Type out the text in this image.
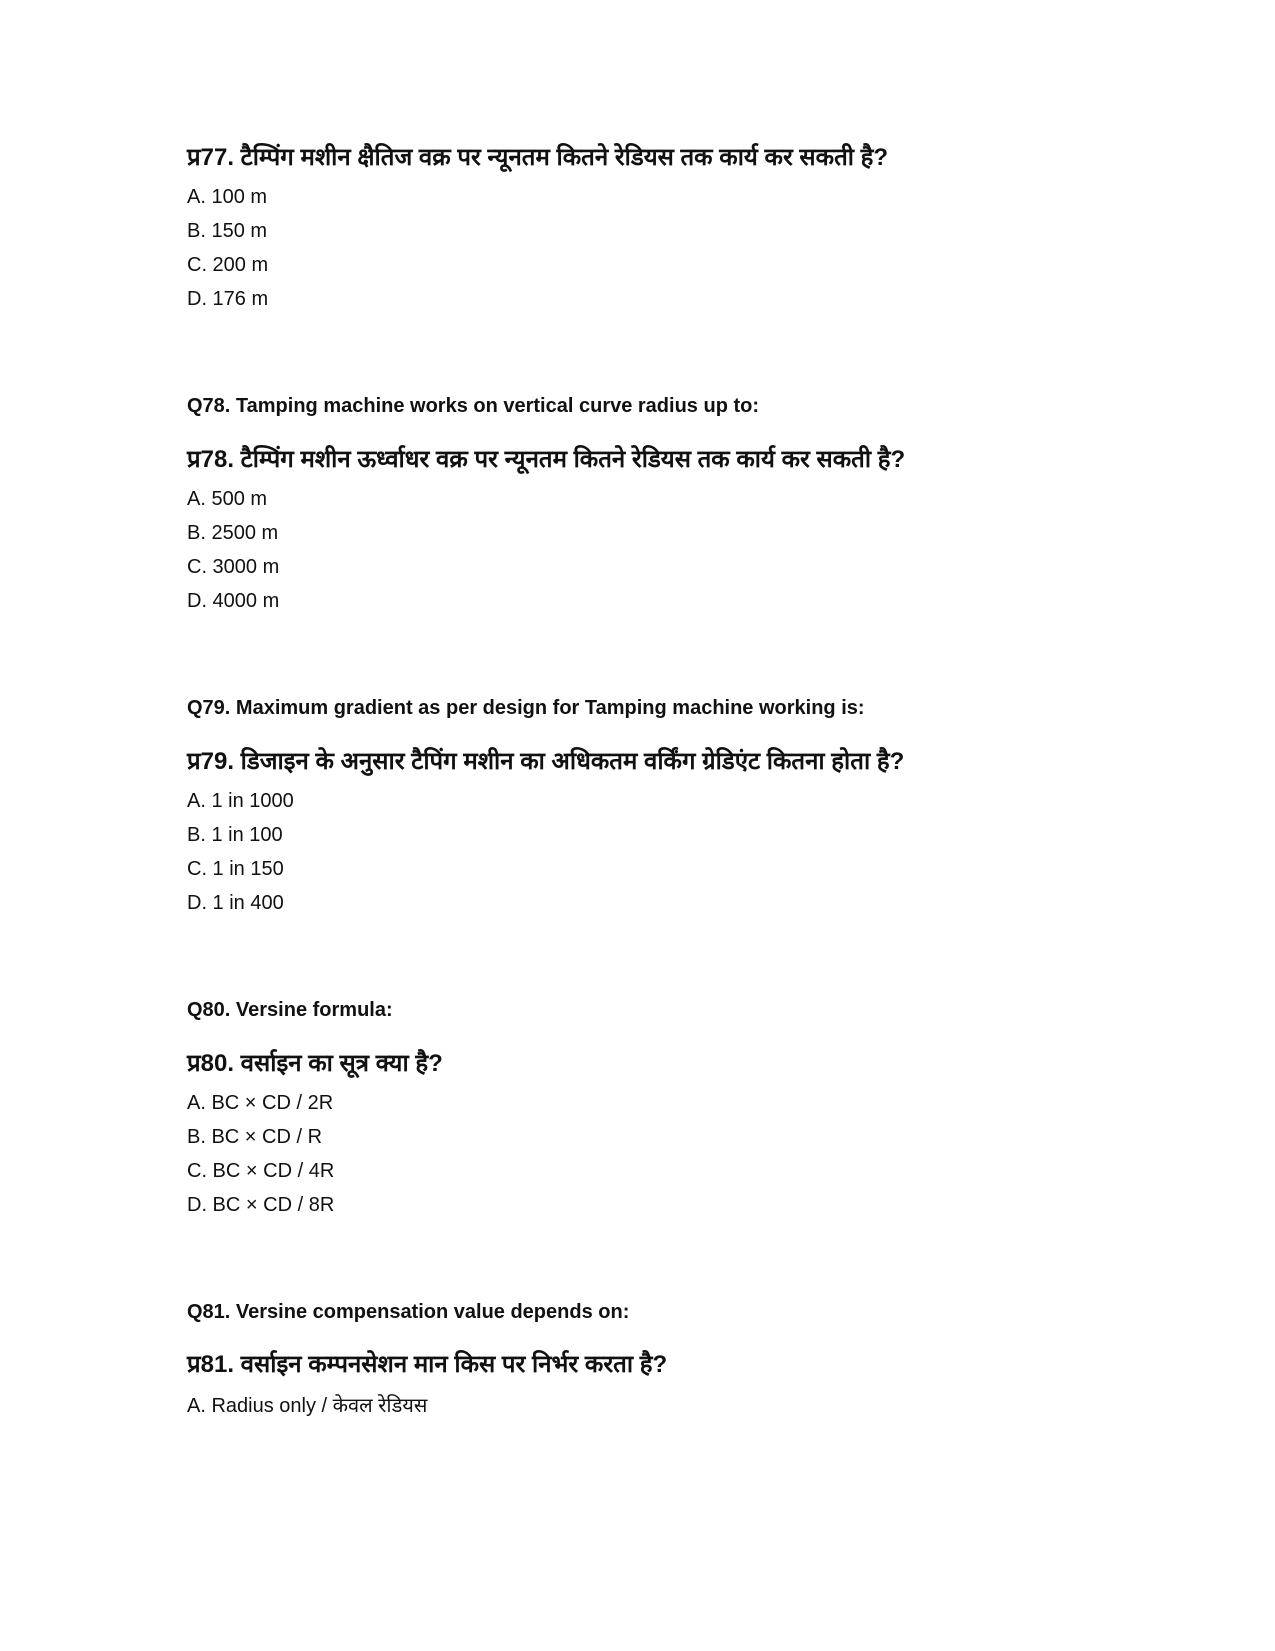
प्र77. टैम्पिंग मशीन क्षैतिज वक्र पर न्यूनतम कितने रेडियस तक कार्य कर सकती है?
A. 100 m
B. 150 m
C. 200 m
D. 176 m
Q78. Tamping machine works on vertical curve radius up to:
प्र78. टैम्पिंग मशीन ऊर्ध्वाधर वक्र पर न्यूनतम कितने रेडियस तक कार्य कर सकती है?
A. 500 m
B. 2500 m
C. 3000 m
D. 4000 m
Q79. Maximum gradient as per design for Tamping machine working is:
प्र79. डिजाइन के अनुसार टैपिंग मशीन का अधिकतम वर्किंग ग्रेडिएंट कितना होता है?
A. 1 in 1000
B. 1 in 100
C. 1 in 150
D. 1 in 400
Q80. Versine formula:
प्र80. वर्साइन का सूत्र क्या है?
A. BC × CD / 2R
B. BC × CD / R
C. BC × CD / 4R
D. BC × CD / 8R
Q81. Versine compensation value depends on:
प्र81. वर्साइन कम्पनसेशन मान किस पर निर्भर करता है?
A. Radius only / केवल रेडियस
